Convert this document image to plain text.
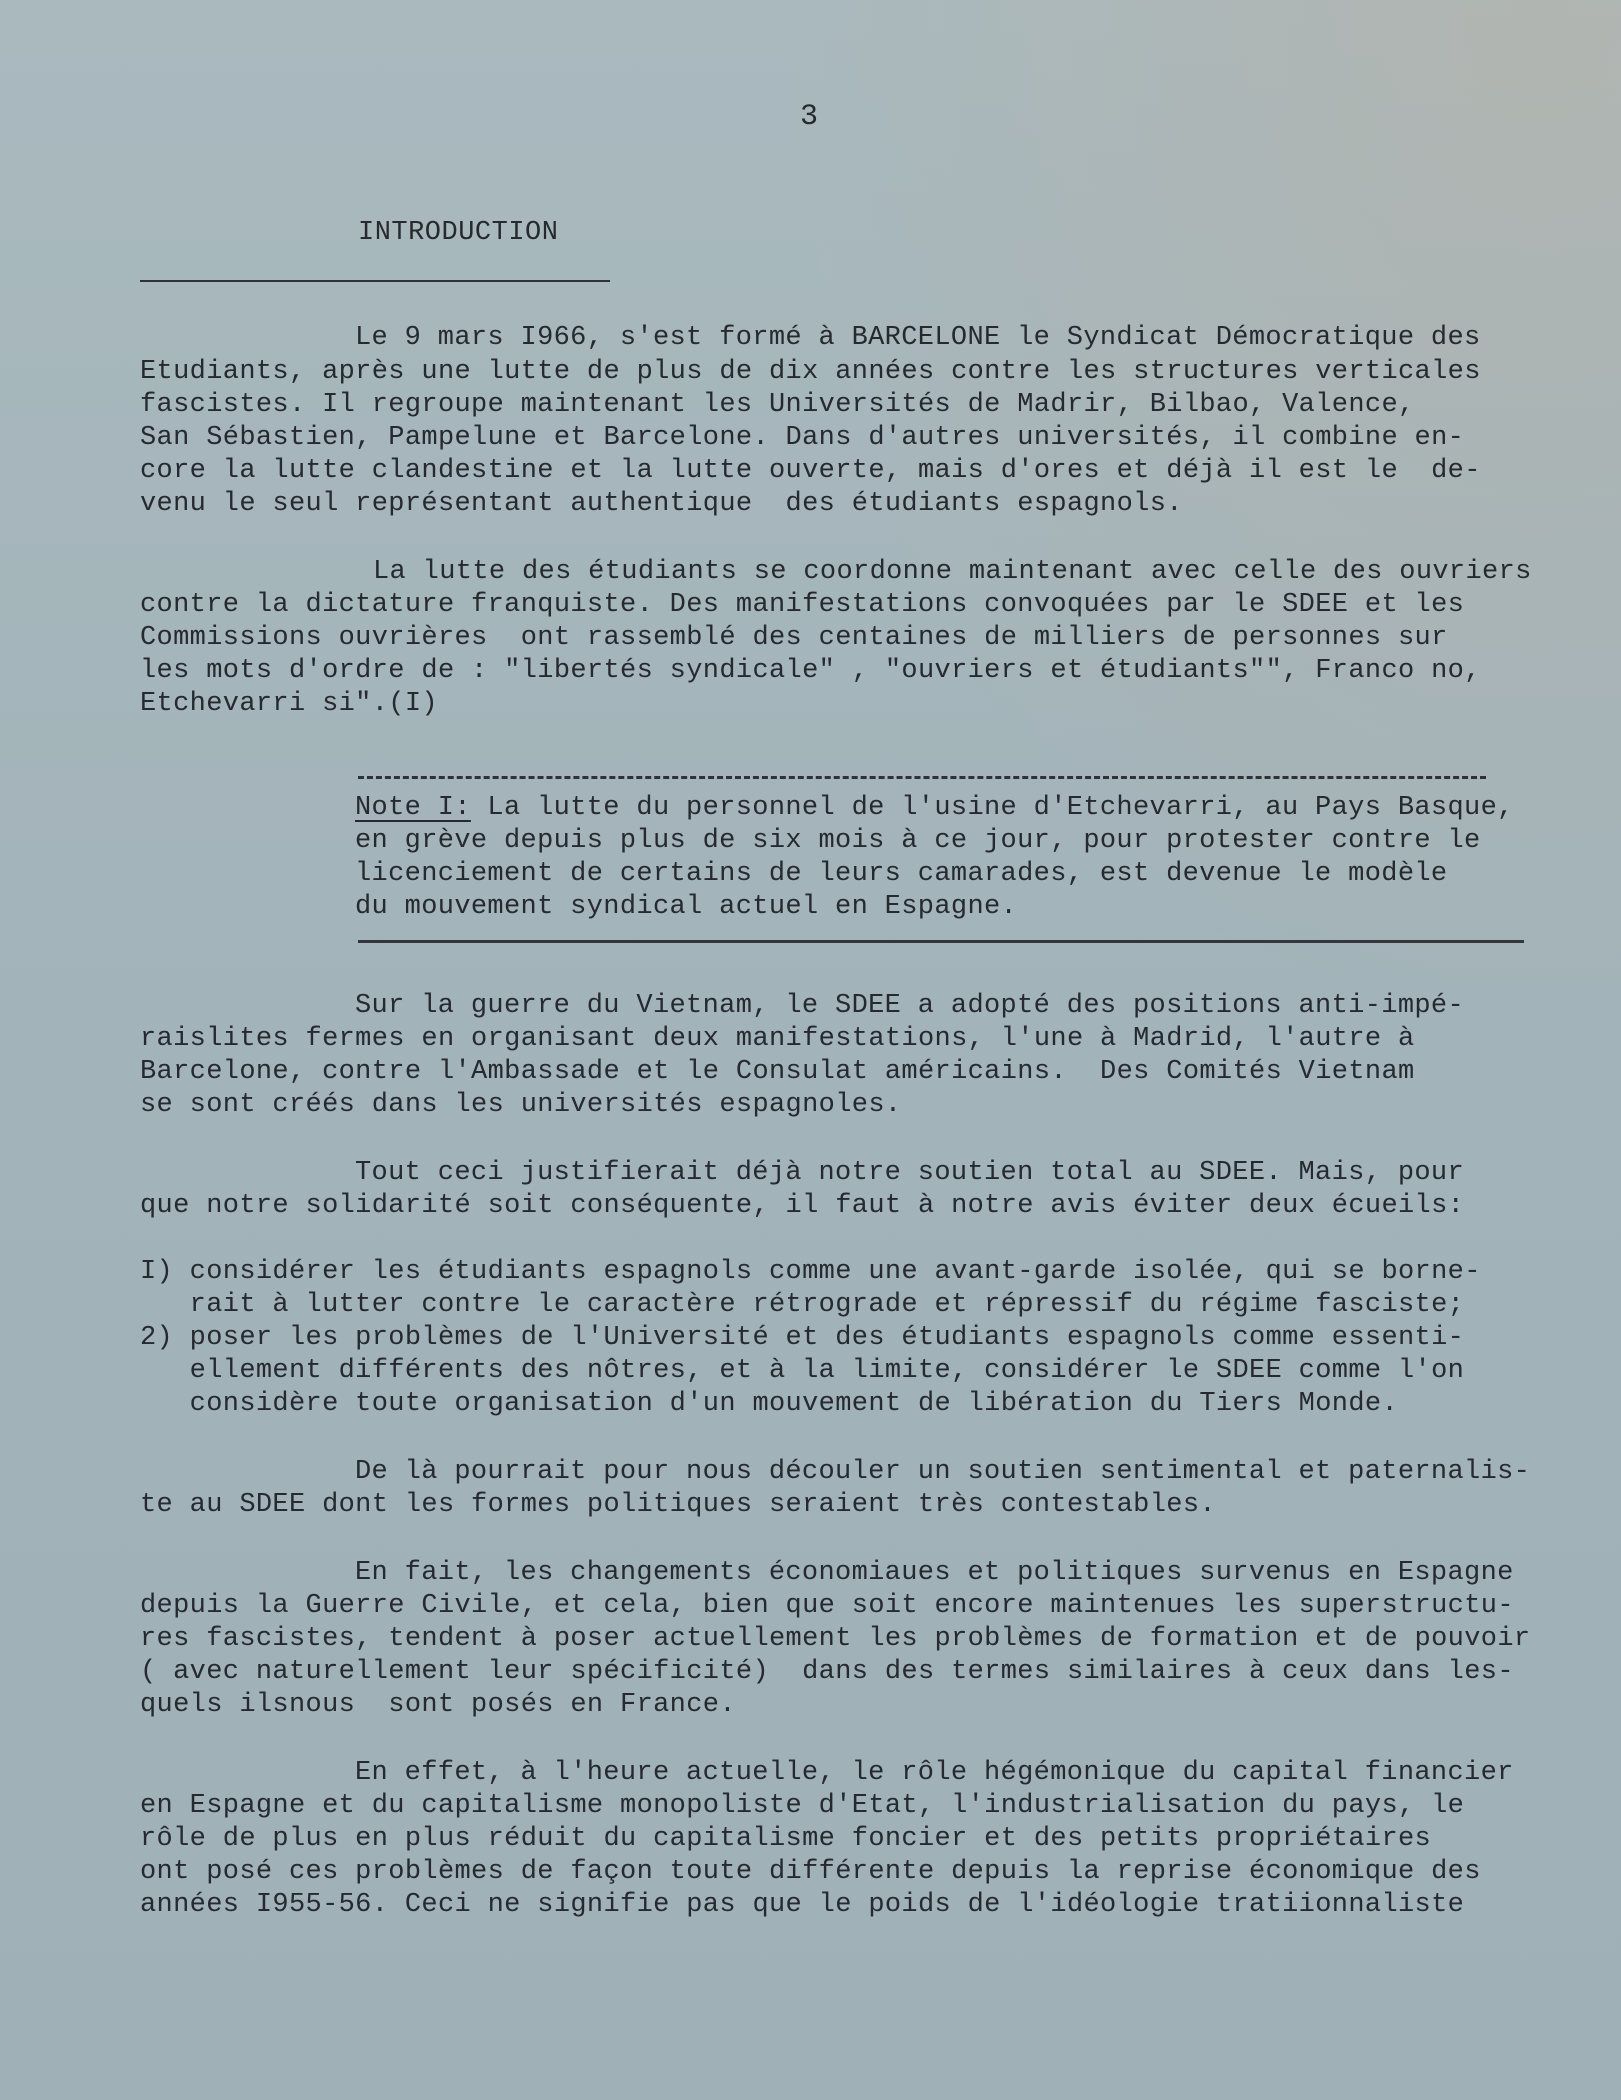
3
INTRODUCTION
Le 9 mars I966, s'est formé à BARCELONE le Syndicat Démocratique des
Etudiants, après une lutte de plus de dix années contre les structures verticales
fascistes. Il regroupe maintenant les Universités de Madrir, Bilbao, Valence,
San Sébastien, Pampelune et Barcelone. Dans d'autres universités, il combine en-
core la lutte clandestine et la lutte ouverte, mais d'ores et déjà il est le  de-
venu le seul représentant authentique  des étudiants espagnols.
La lutte des étudiants se coordonne maintenant avec celle des ouvriers
contre la dictature franquiste. Des manifestations convoquées par le SDEE et les
Commissions ouvrières  ont rassemblé des centaines de milliers de personnes sur
les mots d'ordre de : "libertés syndicale" , "ouvriers et étudiants"", Franco no,
Etchevarri si".(I)
Note I: La lutte du personnel de l'usine d'Etchevarri, au Pays Basque,
en grève depuis plus de six mois à ce jour, pour protester contre le
licenciement de certains de leurs camarades, est devenue le modèle
du mouvement syndical actuel en Espagne.
Sur la guerre du Vietnam, le SDEE a adopté des positions anti-impé-
raislites fermes en organisant deux manifestations, l'une à Madrid, l'autre à
Barcelone, contre l'Ambassade et le Consulat américains.  Des Comités Vietnam
se sont créés dans les universités espagnoles.
Tout ceci justifierait déjà notre soutien total au SDEE. Mais, pour
que notre solidarité soit conséquente, il faut à notre avis éviter deux écueils:
I) considérer les étudiants espagnols comme une avant-garde isolée, qui se borne-
rait à lutter contre le caractère rétrograde et répressif du régime fasciste;
2) poser les problèmes de l'Université et des étudiants espagnols comme essenti-
ellement différents des nôtres, et à la limite, considérer le SDEE comme l'on
considère toute organisation d'un mouvement de libération du Tiers Monde.
De là pourrait pour nous découler un soutien sentimental et paternalis-
te au SDEE dont les formes politiques seraient très contestables.
En fait, les changements économiaues et politiques survenus en Espagne
depuis la Guerre Civile, et cela, bien que soit encore maintenues les superstructu-
res fascistes, tendent à poser actuellement les problèmes de formation et de pouvoir
( avec naturellement leur spécificité)  dans des termes similaires à ceux dans les-
quels ilsnous  sont posés en France.
En effet, à l'heure actuelle, le rôle hégémonique du capital financier
en Espagne et du capitalisme monopoliste d'Etat, l'industrialisation du pays, le
rôle de plus en plus réduit du capitalisme foncier et des petits propriétaires
ont posé ces problèmes de façon toute différente depuis la reprise économique des
années I955-56. Ceci ne signifie pas que le poids de l'idéologie tratiionnaliste
